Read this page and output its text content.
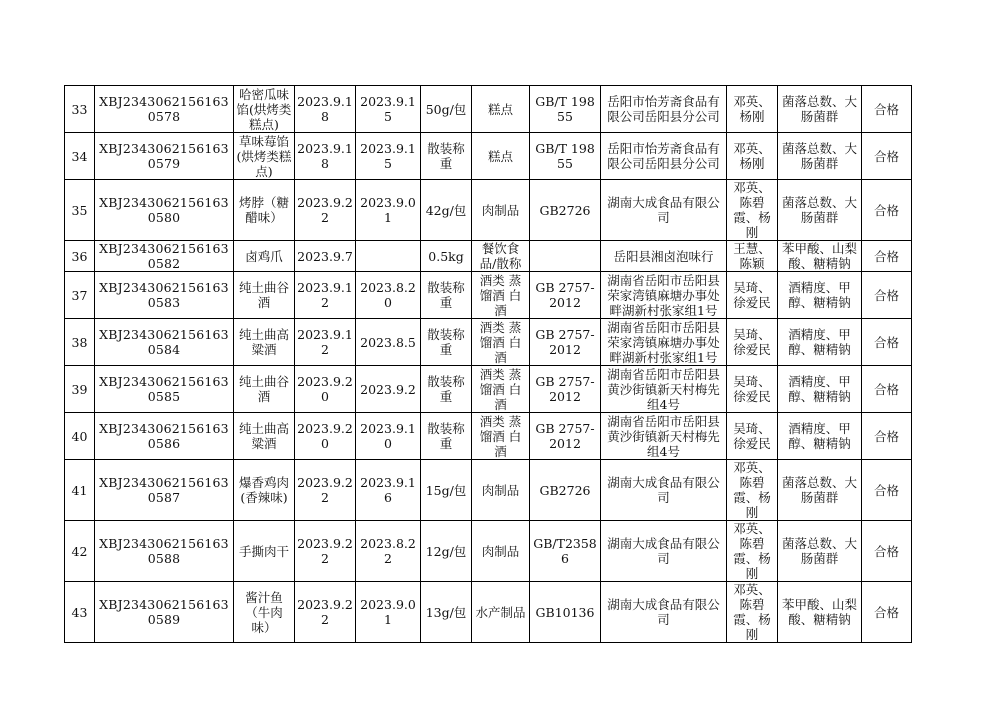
33	XBJ23430621561630578	哈密瓜味馅(烘烤类糕点)	2023.9.18	2023.9.15	50g/包	糕点	GB/T 19855	岳阳市怡芳斋食品有限公司岳阳县分公司	邓英、杨刚	菌落总数、大肠菌群	合格
34	XBJ23430621561630579	草味莓馅(烘烤类糕点)	2023.9.18	2023.9.15	散装称重	糕点	GB/T 19855	岳阳市怡芳斋食品有限公司岳阳县分公司	邓英、杨刚	菌落总数、大肠菌群	合格
35	XBJ23430621561630580	烤脖（糖醋味）	2023.9.22	2023.9.01	42g/包	肉制品	GB2726	湖南大成食品有限公司	邓英、陈碧霞、杨刚	菌落总数、大肠菌群	合格
36	XBJ23430621561630582	卤鸡爪	2023.9.7		0.5kg	餐饮食品/散称		岳阳县湘卤泡味行	王慧、陈颖	苯甲酸、山梨酸、糖精钠	合格
37	XBJ23430621561630583	纯土曲谷酒	2023.9.12	2023.8.20	散装称重	酒类 蒸馏酒 白酒	GB 2757-2012	湖南省岳阳市岳阳县荣家湾镇麻塘办事处畔湖新村张家组1号	吴琦、徐爱民	酒精度、甲醇、糖精钠	合格
38	XBJ23430621561630584	纯土曲高粱酒	2023.9.12	2023.8.5	散装称重	酒类 蒸馏酒 白酒	GB 2757-2012	湖南省岳阳市岳阳县荣家湾镇麻塘办事处畔湖新村张家组1号	吴琦、徐爱民	酒精度、甲醇、糖精钠	合格
39	XBJ23430621561630585	纯土曲谷酒	2023.9.20	2023.9.2	散装称重	酒类 蒸馏酒 白酒	GB 2757-2012	湖南省岳阳市岳阳县黄沙街镇新天村梅先组4号	吴琦、徐爱民	酒精度、甲醇、糖精钠	合格
40	XBJ23430621561630586	纯土曲高粱酒	2023.9.20	2023.9.10	散装称重	酒类 蒸馏酒 白酒	GB 2757-2012	湖南省岳阳市岳阳县黄沙街镇新天村梅先组4号	吴琦、徐爱民	酒精度、甲醇、糖精钠	合格
41	XBJ23430621561630587	爆香鸡肉(香辣味)	2023.9.22	2023.9.16	15g/包	肉制品	GB2726	湖南大成食品有限公司	邓英、陈碧霞、杨刚	菌落总数、大肠菌群	合格
42	XBJ23430621561630588	手撕肉干	2023.9.22	2023.8.22	12g/包	肉制品	GB/T23586	湖南大成食品有限公司	邓英、陈碧霞、杨刚	菌落总数、大肠菌群	合格
43	XBJ23430621561630589	酱汁鱼（牛肉味）	2023.9.22	2023.9.01	13g/包	水产制品	GB10136	湖南大成食品有限公司	邓英、陈碧霞、杨刚	苯甲酸、山梨酸、糖精钠	合格
